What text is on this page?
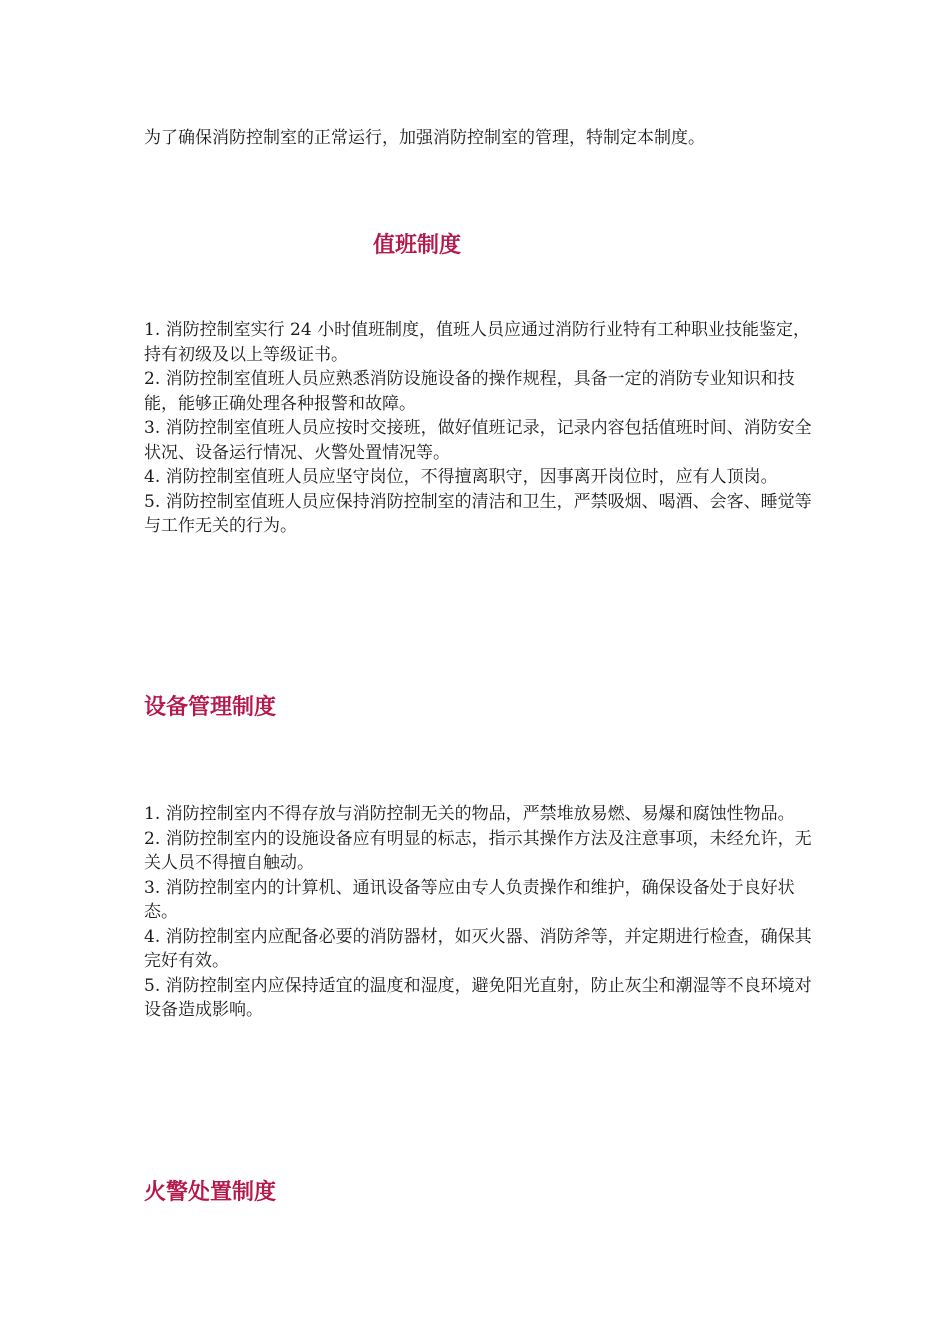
为了确保消防控制室的正常运行，加强消防控制室的管理，特制定本制度。

值班制度
1. 消防控制室实行 24 小时值班制度，值班人员应通过消防行业特有工种职业技能鉴定，持有初级及以上等级证书。
2. 消防控制室值班人员应熟悉消防设施设备的操作规程，具备一定的消防专业知识和技能，能够正确处理各种报警和故障。
3. 消防控制室值班人员应按时交接班，做好值班记录，记录内容包括值班时间、消防安全状况、设备运行情况、火警处置情况等。
4. 消防控制室值班人员应坚守岗位，不得擅离职守，因事离开岗位时，应有人顶岗。
5. 消防控制室值班人员应保持消防控制室的清洁和卫生，严禁吸烟、喝酒、会客、睡觉等与工作无关的行为。
设备管理制度
1. 消防控制室内不得存放与消防控制无关的物品，严禁堆放易燃、易爆和腐蚀性物品。
2. 消防控制室内的设施设备应有明显的标志，指示其操作方法及注意事项，未经允许，无关人员不得擅自触动。
3. 消防控制室内的计算机、通讯设备等应由专人负责操作和维护，确保设备处于良好状态。
4. 消防控制室内应配备必要的消防器材，如灭火器、消防斧等，并定期进行检查，确保其完好有效。
5. 消防控制室内应保持适宜的温度和湿度，避免阳光直射，防止灰尘和潮湿等不良环境对设备造成影响。
火警处置制度
